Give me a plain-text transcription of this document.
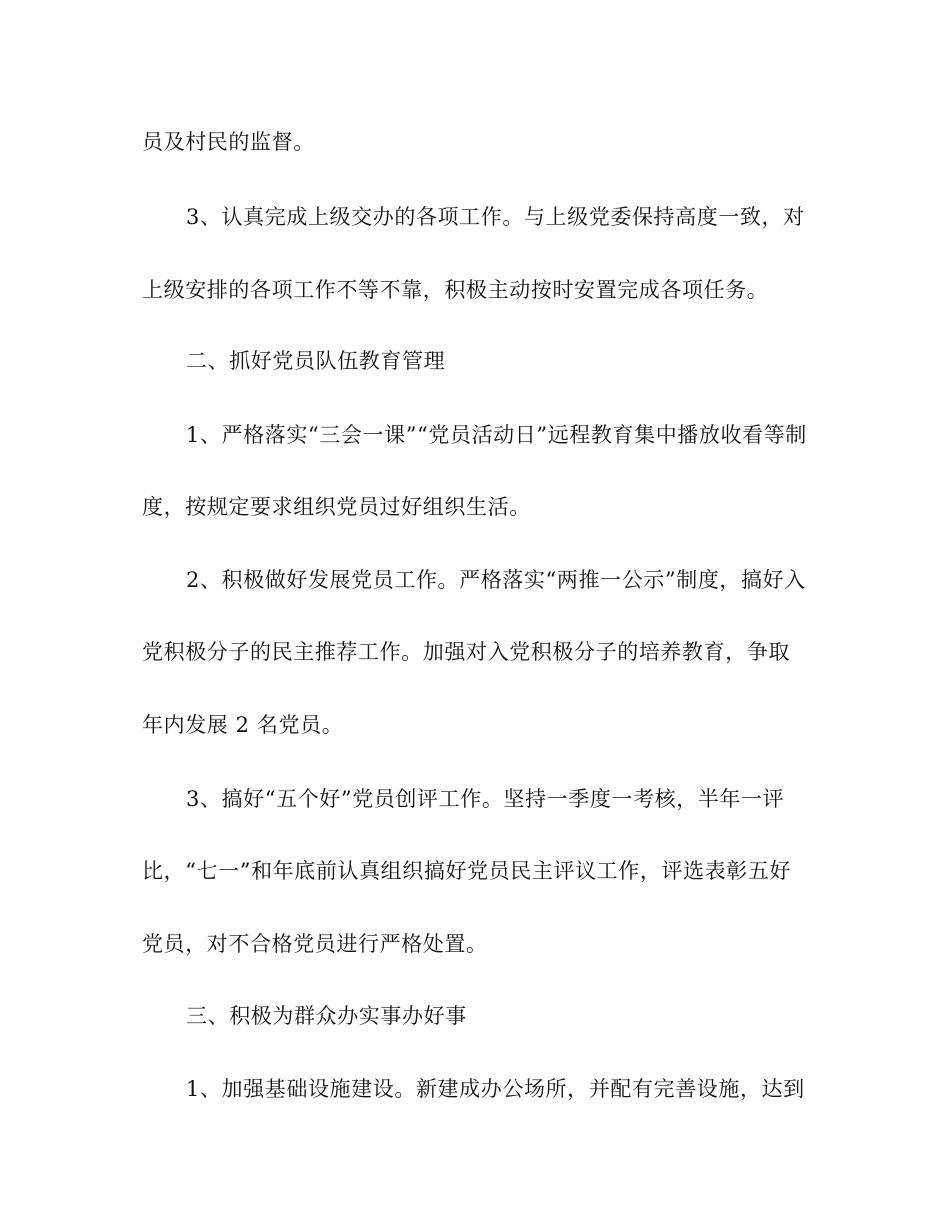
员及村民的监督。
3、认真完成上级交办的各项工作。与上级党委保持高度一致，对
上级安排的各项工作不等不靠，积极主动按时安置完成各项任务。
二、抓好党员队伍教育管理
1、严格落实“三会一课”“党员活动日”远程教育集中播放收看等制
度，按规定要求组织党员过好组织生活。
2、积极做好发展党员工作。严格落实“两推一公示”制度，搞好入
党积极分子的民主推荐工作。加强对入党积极分子的培养教育，争取
年内发展 2 名党员。
3、搞好“五个好”党员创评工作。坚持一季度一考核，半年一评
比，“七一”和年底前认真组织搞好党员民主评议工作，评选表彰五好
党员，对不合格党员进行严格处置。
三、积极为群众办实事办好事
1、加强基础设施建设。新建成办公场所，并配有完善设施，达到
